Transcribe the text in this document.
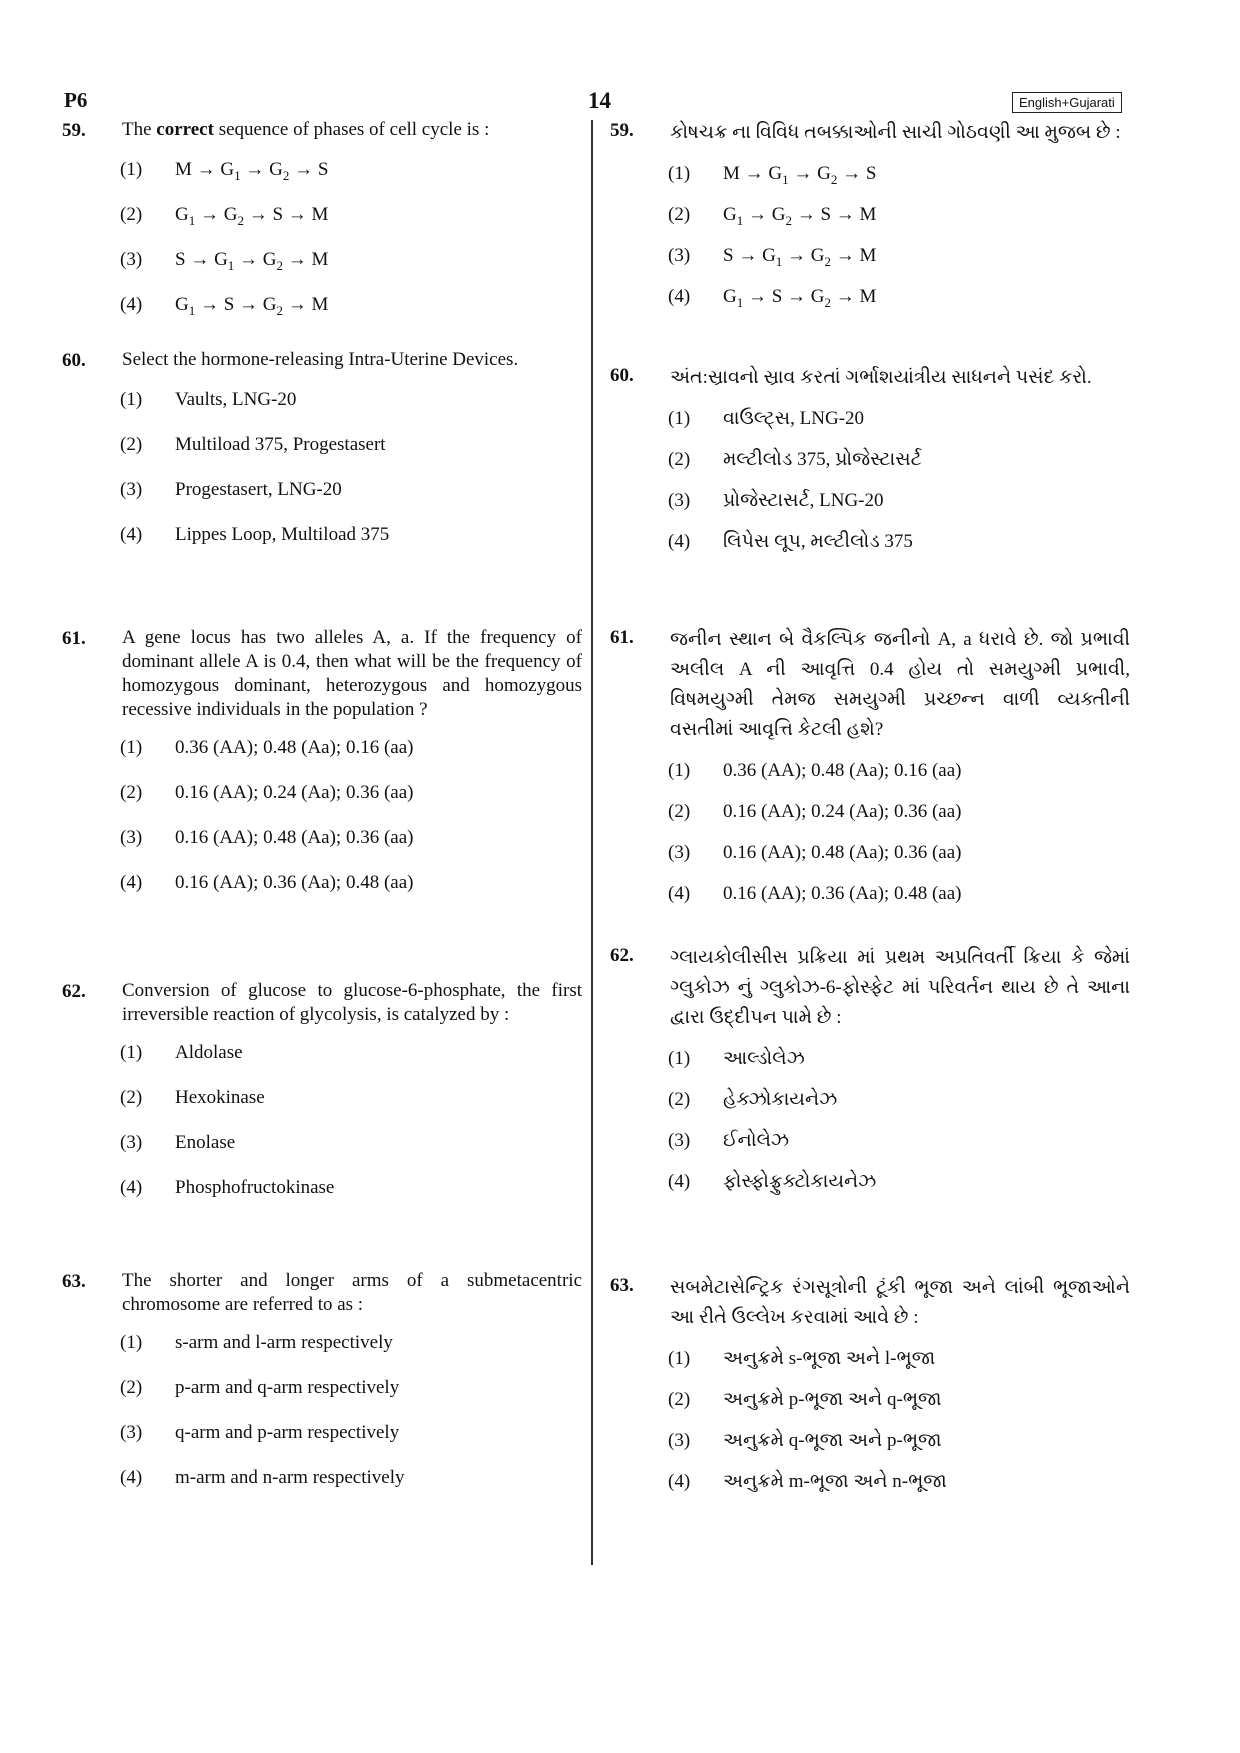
P6	14	English+Gujarati
59.	The correct sequence of phases of cell cycle is :
(1)	$M \to G_1 \to G_2 \to S$
(2)	$G_1 \to G_2 \to S \to M$
(3)	$S \to G_1 \to G_2 \to M$
(4)	$G_1 \to S \to G_2 \to M$
60.	Select the hormone-releasing Intra-Uterine Devices.
(1)	Vaults, LNG-20
(2)	Multiload 375, Progestasert
(3)	Progestasert, LNG-20
(4)	Lippes Loop, Multiload 375
61.	A gene locus has two alleles A, a. If the frequency of dominant allele A is 0.4, then what will be the frequency of homozygous dominant, heterozygous and homozygous recessive individuals in the population ?
(1)	0.36 (AA); 0.48 (Aa); 0.16 (aa)
(2)	0.16 (AA); 0.24 (Aa); 0.36 (aa)
(3)	0.16 (AA); 0.48 (Aa); 0.36 (aa)
(4)	0.16 (AA); 0.36 (Aa); 0.48 (aa)
62.	Conversion of glucose to glucose-6-phosphate, the first irreversible reaction of glycolysis, is catalyzed by :
(1)	Aldolase
(2)	Hexokinase
(3)	Enolase
(4)	Phosphofructokinase
63.	The shorter and longer arms of a submetacentric chromosome are referred to as :
(1)	s-arm and l-arm respectively
(2)	p-arm and q-arm respectively
(3)	q-arm and p-arm respectively
(4)	m-arm and n-arm respectively
59.	કોષચક્ર ના વિવિધ તબક્કાઓની સાચી ગોઠવણી આ મુજબ છે :
(1)	$M \to G_1 \to G_2 \to S$
(2)	$G_1 \to G_2 \to S \to M$
(3)	$S \to G_1 \to G_2 \to M$
(4)	$G_1 \to S \to G_2 \to M$
60.	અંત:સ્રાવનો સ્રાવ કરતાં ગર્ભાશયાંત્રીય સાધનને પસંદ કરો.
(1)	વાઉલ્ટ્સ, LNG-20
(2)	મલ્ટીલોડ 375, પ્રોજેસ્ટાસર્ટ
(3)	પ્રોજેસ્ટાસર્ટ, LNG-20
(4)	લિપેસ લૂપ, મલ્ટીલોડ 375
61.	જનીન સ્થાન બે વૈકલ્પિક જનીનો A, a ધરાવે છે. જો પ્રભાવી અલીલ A ની આવૃત્તિ 0.4 હોય તો સમયુગ્મી પ્રભાવી, વિષમયુગ્મી તેમજ સમયુગ્મી પ્રચ્છન્ન વાળી વ્યક્તીની વસતીમાં આવૃત્તિ કેટલી હશે?
(1)	0.36 (AA); 0.48 (Aa); 0.16 (aa)
(2)	0.16 (AA); 0.24 (Aa); 0.36 (aa)
(3)	0.16 (AA); 0.48 (Aa); 0.36 (aa)
(4)	0.16 (AA); 0.36 (Aa); 0.48 (aa)
62.	ગ્લાયકોલીસીસ પ્રક્રિયા માં પ્રથમ અપ્રતિવર્તી ક્રિયા કે જેમાં ગ્લુકોઝ નું ગ્લુકોઝ-6-ફોસ્ફેટ માં પરિવર્તન થાય છે તે આના દ્વારા ઉદ્દીપન પામે છે :
(1)	આલ્ડોલેઝ
(2)	હેક્ઝોકાયનેઝ
(3)	ઈનોલેઝ
(4)	ફોસ્ફોફ્રુક્ટોકાયનેઝ
63.	સબમેટાસેન્ટ્રિક રંગસૂત્રોની ટૂંકી ભૂજા અને લાંબી ભૂજાઓને આ રીતે ઉલ્લેખ કરવામાં આવે છે :
(1)	અનુક્રમે s-ભૂજા અને l-ભૂજા
(2)	અનુક્રમે p-ભૂજા અને q-ભૂજા
(3)	અનુક્રમે q-ભૂજા અને p-ભૂજા
(4)	અનુક્રમે m-ભૂજા અને n-ભૂજા
